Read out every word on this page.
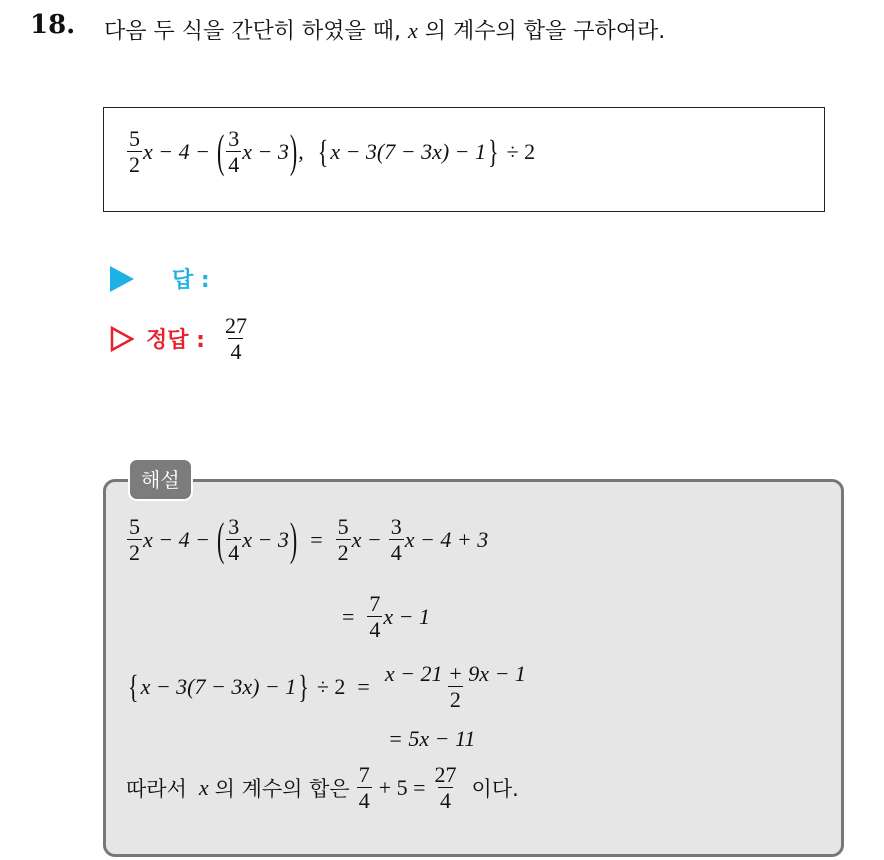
18. 다음 두 식을 간단히 하였을 때, x 의 계수의 합을 구하여라.
$\frac{5}{2}$ x − 4 − ( $\frac{3}{4}$ x − 3 ) , { x − 3(7 − 3x) − 1 } ÷ 2
답 :
정답 : $\frac{27}{4}$
해설
$\frac{5}{2}$ x − 4 − ( $\frac{3}{4}$ x − 3 ) = $\frac{5}{2}$ $x - \frac{3}{4}$ x − 4 + 3
= $\frac{7}{4}$ x − 1
{ x − 3(7 − 3x) − 1 } ÷ $2 = \frac{x - 21 + 9x - 1}{2}$
= 5x − 11
따라서 x 의 계수의 합은 $\frac{7}{4} + 5 = \frac{27}{4}$ 이다.
